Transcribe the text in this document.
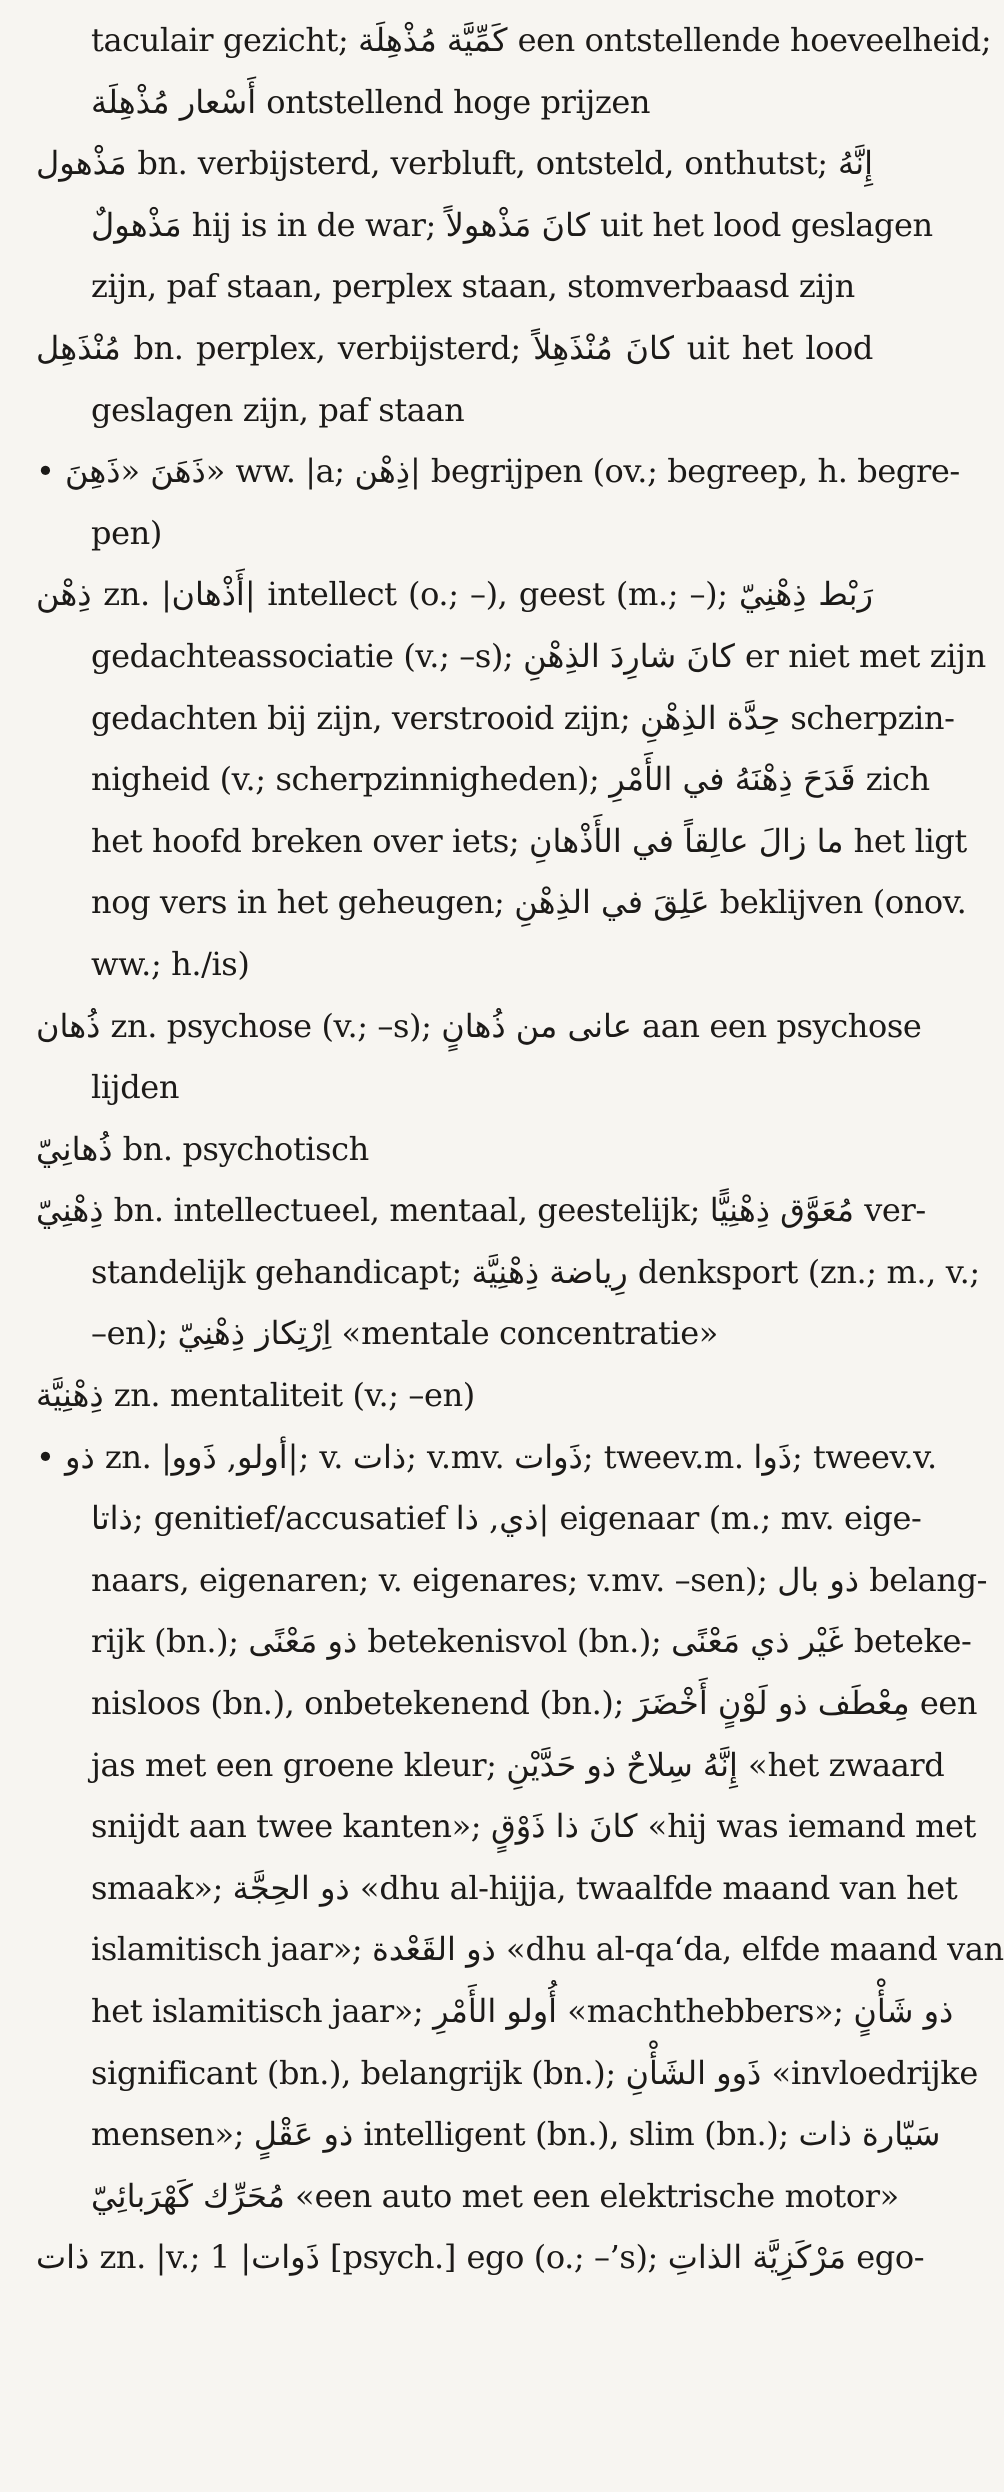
taculair gezicht; كَمِّيَّة مُذْهِلَة een ontstellende hoeveelheid;
أَسْعار مُذْهِلَة ontstellend hoge prijzen
مَذْهول bn. verbijsterd, verbluft, ontsteld, onthutst; إِنَّهُ
مَذْهولٌ hij is in de war; كانَ مَذْهولاً uit het lood geslagen
zijn, paf staan, perplex staan, stomverbaasd zijn
مُنْذَهِل bn. perplex, verbijsterd; كانَ مُنْذَهِلاً uit het lood
geslagen zijn, paf staan
• ذَهَنَ «ذَهِنَ» ww. |a; ذِهْن| begrijpen (ov.; begreep, h. begre-
pen)
ذِهْن zn. |أَذْهان| intellect (o.; –), geest (m.; –); رَبْط ذِهْنِيّ
gedachteassociatie (v.; –s); كانَ شارِدَ الذِهْنِ er niet met zijn
gedachten bij zijn, verstrooid zijn; حِدَّة الذِهْنِ scherpzin-
nigheid (v.; scherpzinnigheden); قَدَحَ ذِهْنَهُ في الأَمْرِ zich
het hoofd breken over iets; ما زالَ عالِقاً في الأَذْهانِ het ligt
nog vers in het geheugen; عَلِقَ في الذِهْنِ beklijven (onov.
ww.; h./is)
ذُهان zn. psychose (v.; –s); عانى من ذُهانٍ aan een psychose
lijden
ذُهانِيّ bn. psychotisch
ذِهْنِيّ bn. intellectueel, mentaal, geestelijk; مُعَوَّق ذِهْنِيًّا ver-
standelijk gehandicapt; رِياضة ذِهْنِيَّة denksport (zn.; m., v.;
–en); اِرْتِكاز ذِهْنِيّ «mentale concentratie»
ذِهْنِيَّة zn. mentaliteit (v.; –en)
• ذو zn. |أولو, ذَوو|; v. ذات; v.mv. ذَوات; tweev.m. ذَوا; tweev.v.
ذاتا; genitief/accusatief ذي, ذا| eigenaar (m.; mv. eige-
naars, eigenaren; v. eigenares; v.mv. –sen); ذو بال belang-
rijk (bn.); ذو مَعْنًى betekenisvol (bn.); غَيْر ذي مَعْنًى beteke-
nisloos (bn.), onbetekenend (bn.); مِعْطَف ذو لَوْنٍ أَخْضَرَ een
jas met een groene kleur; إِنَّهُ سِلاحٌ ذو حَدَّيْنِ «het zwaard
snijdt aan twee kanten»; كانَ ذا ذَوْقٍ «hij was iemand met
smaak»; ذو الحِجَّة «dhu al-hijja, twaalfde maand van het
islamitisch jaar»; ذو القَعْدة «dhu al-qa‘da, elfde maand van
het islamitisch jaar»; أُولو الأَمْرِ «machthebbers»; ذو شَأْنٍ
significant (bn.), belangrijk (bn.); ذَوو الشَأْنِ «invloedrijke
mensen»; ذو عَقْلٍ intelligent (bn.), slim (bn.); سَيّارة ذات
مُحَرِّك كَهْرَبائِيّ «een auto met een elektrische motor»
ذات zn. |v.; ذَوات| 1 [psych.] ego (o.; –’s); مَرْكَزِيَّة الذاتِ ego-
